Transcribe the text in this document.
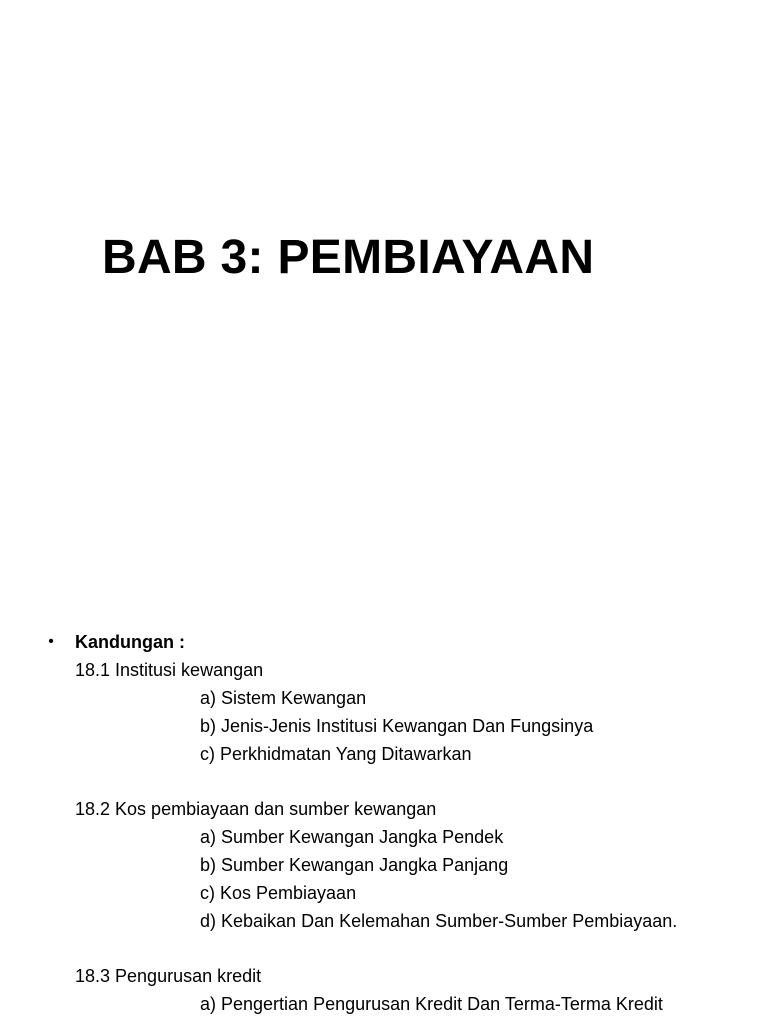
BAB 3: PEMBIAYAAN
• Kandungan :
18.1 Institusi kewangan
a) Sistem Kewangan
b) Jenis-Jenis Institusi Kewangan Dan Fungsinya
c) Perkhidmatan Yang Ditawarkan
18.2 Kos pembiayaan dan sumber kewangan
a) Sumber Kewangan Jangka Pendek
b) Sumber Kewangan Jangka Panjang
c) Kos Pembiayaan
d) Kebaikan Dan Kelemahan Sumber-Sumber Pembiayaan.
18.3 Pengurusan kredit
a) Pengertian Pengurusan Kredit Dan Terma-Terma Kredit
